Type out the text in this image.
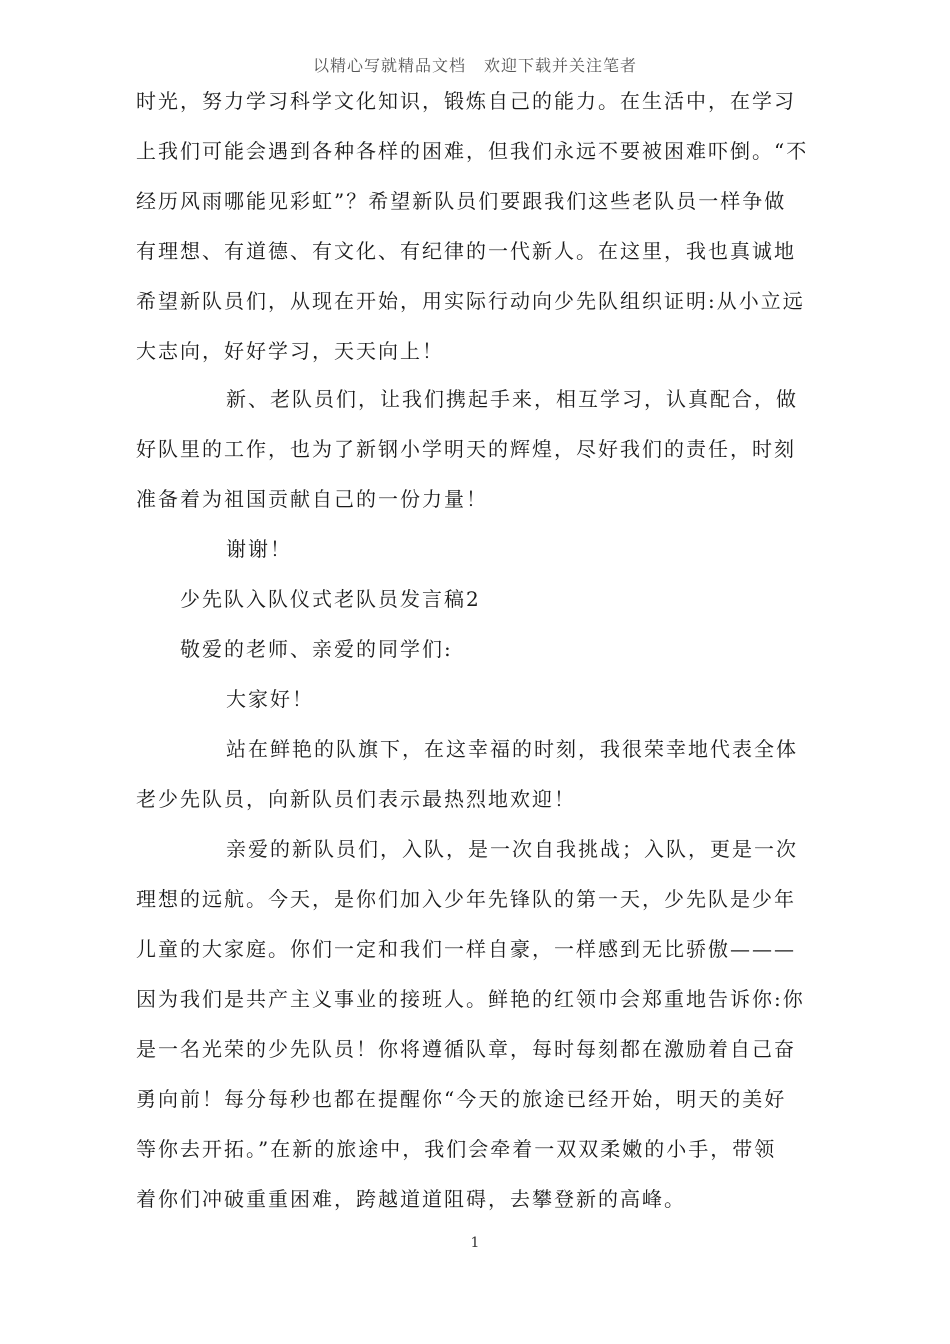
以精心写就精品文档 欢迎下载并关注笔者
时光，努力学习科学文化知识，锻炼自己的能力。在生活中，在学习
上我们可能会遇到各种各样的困难，但我们永远不要被困难吓倒。“不
经历风雨哪能见彩虹”？希望新队员们要跟我们这些老队员一样争做
有理想、有道德、有文化、有纪律的一代新人。在这里，我也真诚地
希望新队员们，从现在开始，用实际行动向少先队组织证明:从小立远
大志向，好好学习，天天向上！
新、老队员们，让我们携起手来，相互学习，认真配合，做
好队里的工作，也为了新钢小学明天的辉煌，尽好我们的责任，时刻
准备着为祖国贡献自己的一份力量！
谢谢！
少先队入队仪式老队员发言稿2
敬爱的老师、亲爱的同学们:
大家好！
站在鲜艳的队旗下，在这幸福的时刻，我很荣幸地代表全体
老少先队员，向新队员们表示最热烈地欢迎！
亲爱的新队员们，入队，是一次自我挑战；入队，更是一次
理想的远航。今天，是你们加入少年先锋队的第一天，少先队是少年
儿童的大家庭。你们一定和我们一样自豪，一样感到无比骄傲———
因为我们是共产主义事业的接班人。鲜艳的红领巾会郑重地告诉你:你
是一名光荣的少先队员！你将遵循队章，每时每刻都在激励着自己奋
勇向前！每分每秒也都在提醒你“今天的旅途已经开始，明天的美好
等你去开拓。”在新的旅途中，我们会牵着一双双柔嫩的小手，带领
着你们冲破重重困难，跨越道道阻碍，去攀登新的高峰。
1
